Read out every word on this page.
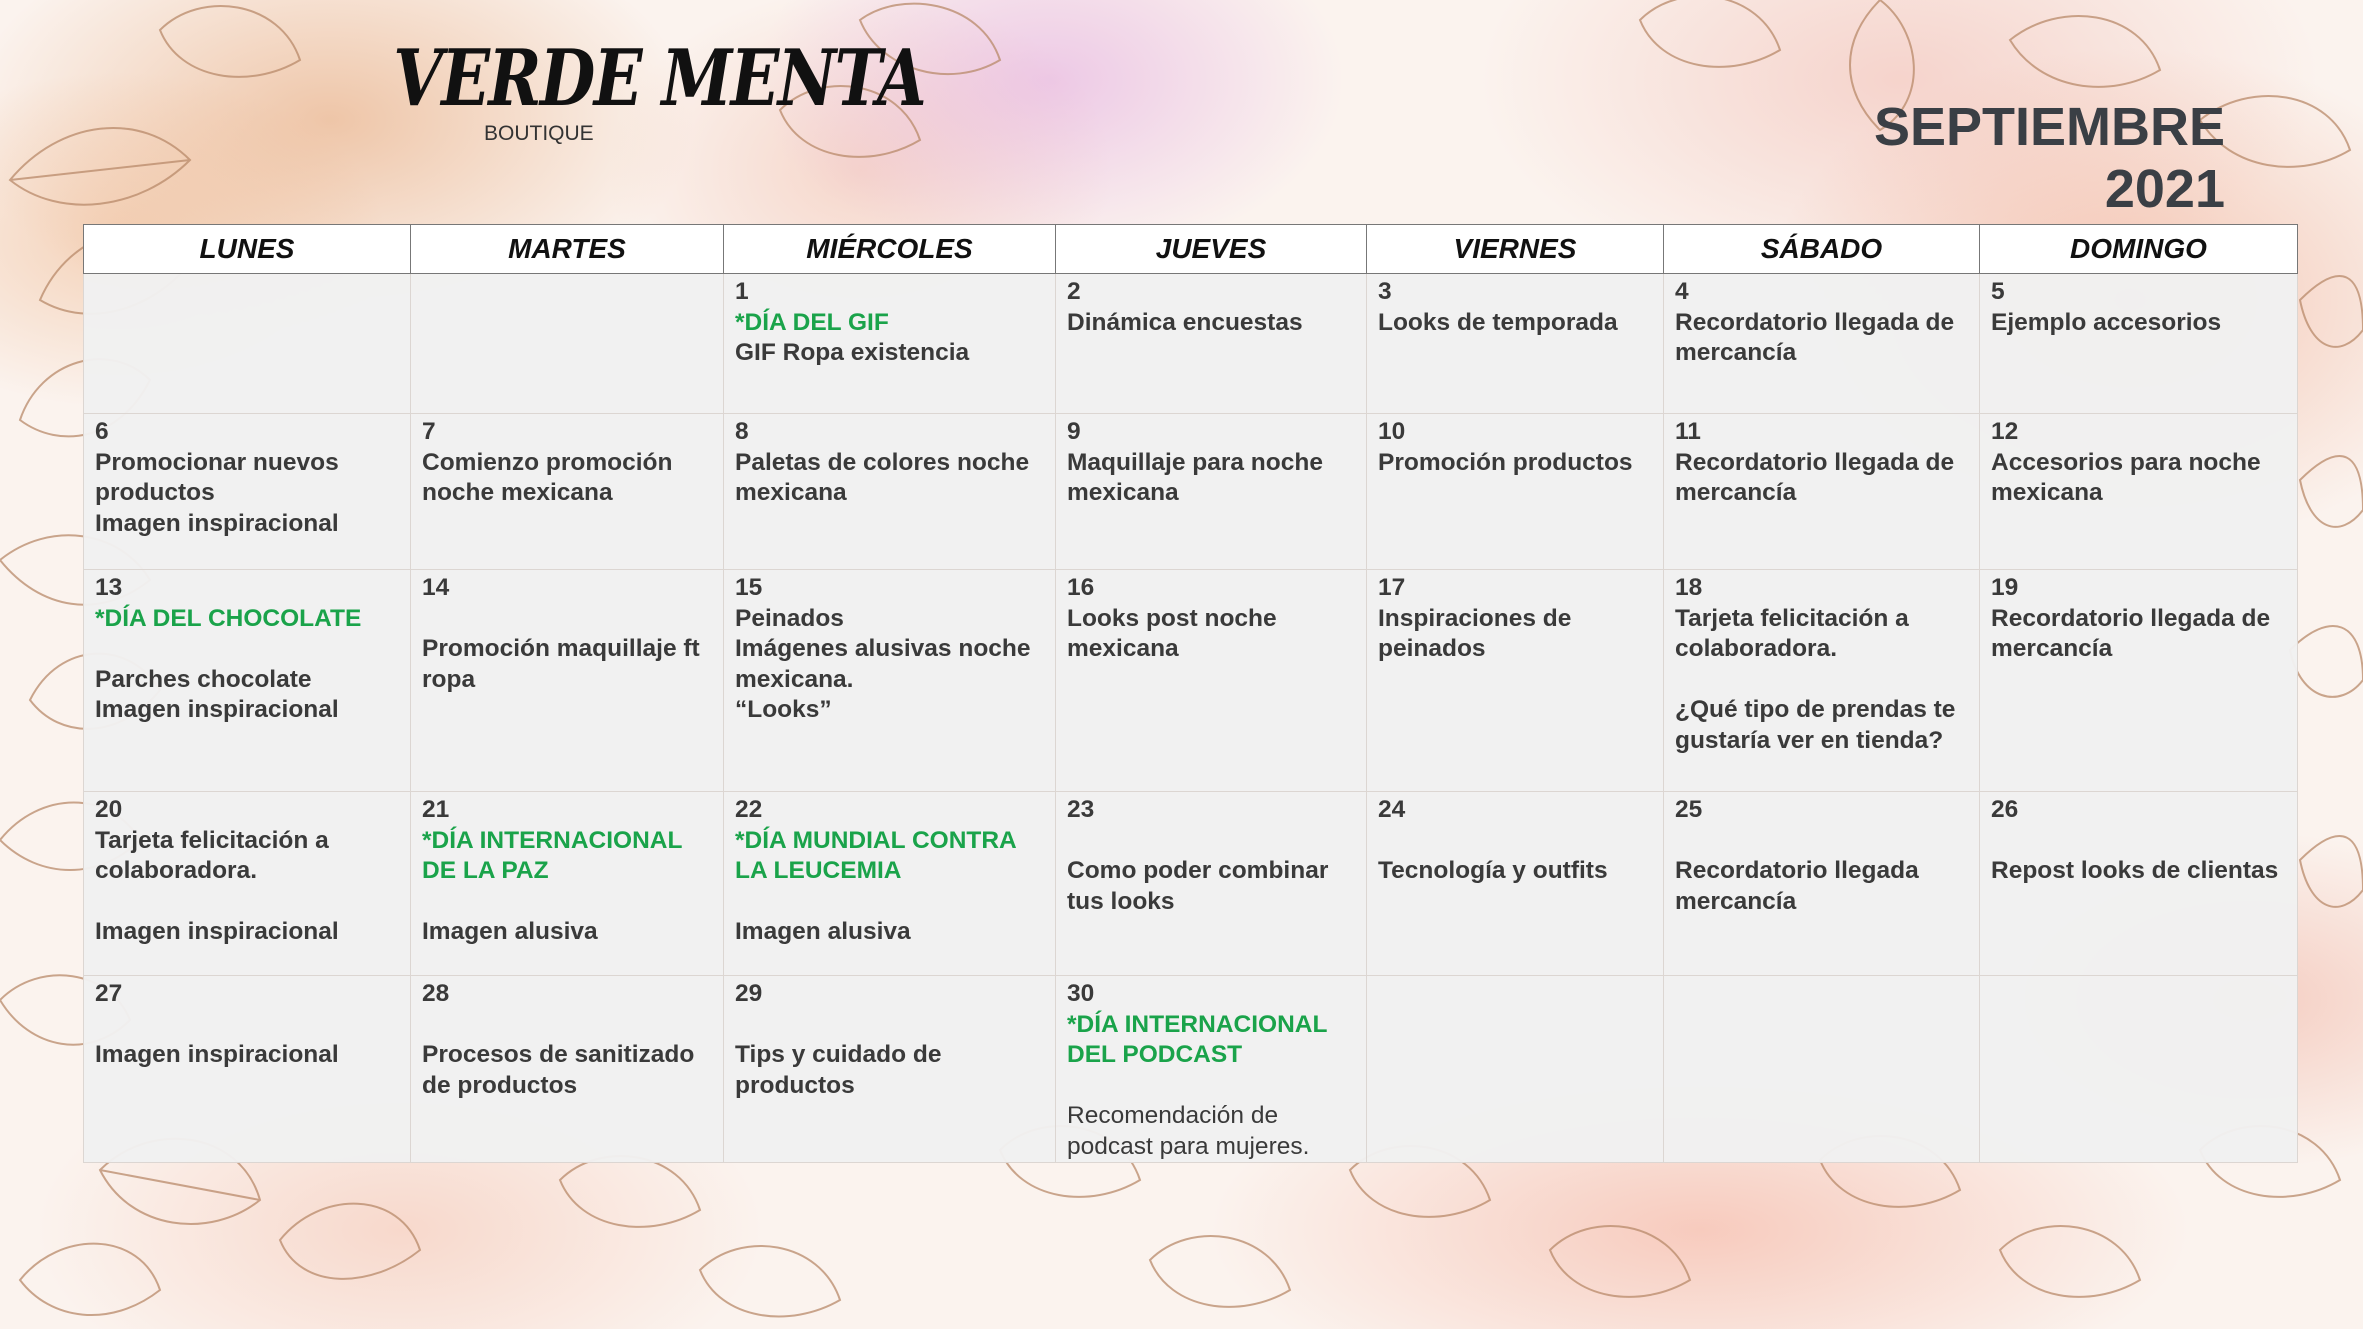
VERDE MENTA
BOUTIQUE	SEPTIEMBRE 2021
LUNES	MARTES	MIÉRCOLES	JUEVES	VIERNES	SÁBADO	DOMINGO

		1
*DÍA DEL GIF
GIF Ropa existencia	2
Dinámica encuestas	3
Looks de temporada	4
Recordatorio llegada de mercancía	5
Ejemplo accesorios

6
Promocionar nuevos productos
Imagen inspiracional	7
Comienzo promoción noche mexicana	8
Paletas de colores noche mexicana	9
Maquillaje para noche mexicana	10
Promoción productos	11
Recordatorio llegada de mercancía	12
Accesorios para noche mexicana

13
*DÍA DEL CHOCOLATE
Parches chocolate
Imagen inspiracional	14
Promoción maquillaje ft ropa	15
Peinados
Imágenes alusivas noche mexicana.
“Looks”	16
Looks post noche mexicana	17
Inspiraciones de peinados	18
Tarjeta felicitación a colaboradora.
¿Qué tipo de prendas te gustaría ver en tienda?	19
Recordatorio llegada de mercancía

20
Tarjeta felicitación a colaboradora.
Imagen inspiracional	21
*DÍA INTERNACIONAL DE LA PAZ
Imagen alusiva	22
*DÍA MUNDIAL CONTRA LA LEUCEMIA
Imagen alusiva	23
Como poder combinar tus looks	24
Tecnología y outfits	25
Recordatorio llegada mercancía	26
Repost looks de clientas

27
Imagen inspiracional	28
Procesos de sanitizado de productos	29
Tips y cuidado de productos	30
*DÍA INTERNACIONAL DEL PODCAST
Recomendación de podcast para mujeres.			
